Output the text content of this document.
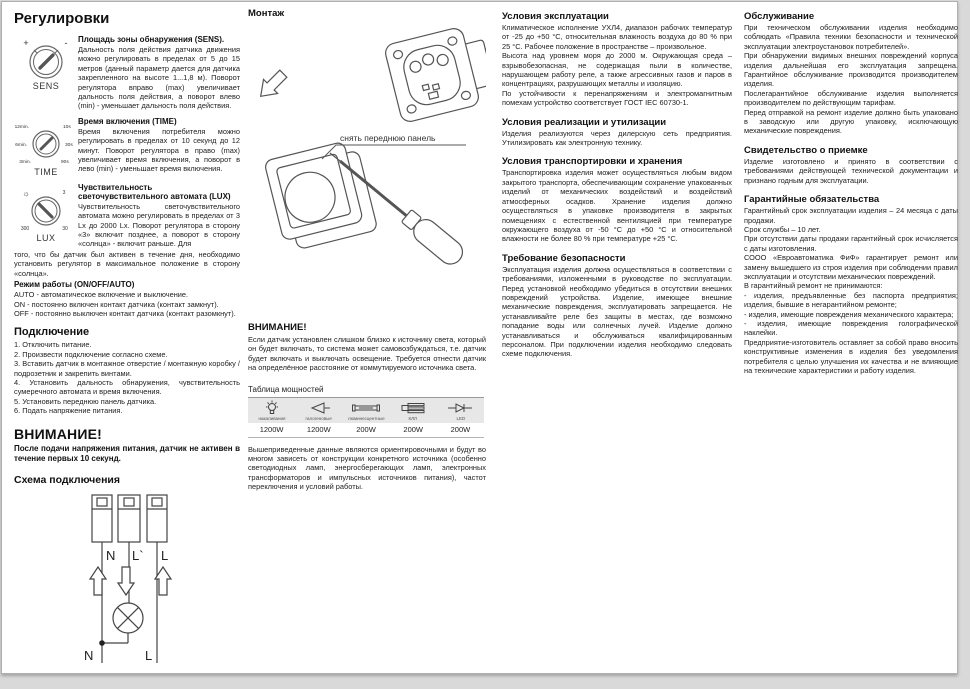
Регулировки
+	-
SENS
Площадь зоны обнаружения (SENS).
Дальность поля действия датчика движения можно регулировать в пределах от 5 до 15 метров (данный параметр дается для датчика закрепленного на высоте 1...1,8 м). Поворот регулятора вправо (max) увеличивает дальность поля действия, а поворот влево (min) - уменьшает дальность поля действия.
12min.	10s
6min.	30s
3min.	90s
TIME
Время включения (TIME)
Время включения потребителя можно регулировать в пределах от 10 секунд до 12 минут. Поворот регулятора в право (max) увеличивает время включения, а поворот в лево (min) - уменьшает время включения.
☼	3
300	30
LUX
Чувствительность
светочувствительного автомата (LUX)
Чувствительность светочувствительного автомата можно регулировать в пределах от 3 Lx до 2000 Lx. Поворот регулятора в сторону «3» включит позднее, а поворот в сторону «солнца» - включит раньше. Для
того, что бы датчик был активен в течение дня, необходимо установить регулятор в максимальное положение в сторону «солнца».
Режим работы (ON/OFF/AUTO)
AUTO - автоматическое включение и выключение.
ON - постоянно включен контакт датчика (контакт замкнут).
OFF - постоянно выключен контакт датчика (контакт разомкнут).
Подключение
1. Отключить питание.
2. Произвести подключение согласно схеме.
3. Вставить датчик в монтажное отверстие / монтажную коробку / подрозетник и закрепить винтами.
4. Установить дальность обнаружения, чувствительность сумеречного автомата и время включения.
5. Установить переднюю панель датчика.
6. Подать напряжение питания.
ВНИМАНИЕ!
После подачи напряжения питания, датчик не активен в течение первых 10 секунд.
Схема подключения
N L` L
N	L
Монтаж
снять переднюю панель
ВНИМАНИЕ!
Если датчик установлен слишком близко к источнику света, который он будет включать, то система может самовозбуждаться, т.е. датчик будет включать и выключать освещение. Требуется отнести датчик на определённое расстояние от коммутируемого источника света.
Таблица мощностей
накаливания	галогеновые	люминесцентные	КЛЛ	LED
1200W	1200W	200W	200W	200W
Вышеприведенные данные являются ориентировочными и будут во многом зависеть от конструкции конкретного источника (особенно светодиодных ламп, энергосберегающих ламп, электронных трансформаторов и импульсных источников питания), частот переключения и условий работы.
Условия эксплуатации
Климатическое исполнение УХЛ4, диапазон рабочих температур от -25 до +50 °C, относительная влажность воздуха до 80 % при 25 °C. Рабочее положение в пространстве – произвольное.
Высота над уровнем моря до 2000 м. Окружающая среда – взрывобезопасная, не содержащая пыли в количестве, нарушающем работу реле, а также агрессивных газов и паров в концентрациях, разрушающих металлы и изоляцию.
По устойчивости к перенапряжениям и электромагнитным помехам устройство соответствует ГОСТ IEC 60730-1.
Условия реализации и утилизации
Изделия реализуются через дилерскую сеть предприятия. Утилизировать как электронную технику.
Условия транспортировки и хранения
Транспортировка изделия может осуществляться любым видом закрытого транспорта, обеспечивающим сохранение упакованных изделий от механических воздействий и воздействий атмосферных осадков. Хранение изделия должно осуществляться в упаковке производителя в закрытых помещениях с естественной вентиляцией при температуре окружающего воздуха от -50 °C до +50 °C и относительной влажности не более 80 % при температуре +25 °C.
Требование безопасности
Эксплуатация изделия должна осуществляться в соответствии с требованиями, изложенными в руководстве по эксплуатации. Перед установкой необходимо убедиться в отсутствии внешних повреждений устройства. Изделие, имеющее внешние механические повреждения, эксплуатировать запрещается. Не устанавливайте реле без защиты в местах, где возможно попадание воды или солнечных лучей. Изделие должно устанавливаться и обслуживаться квалифицированным персоналом. При подключении изделия необходимо следовать схеме подключения.
Обслуживание
При техническом обслуживании изделия необходимо соблюдать «Правила техники безопасности и технической эксплуатации электроустановок потребителей».
При обнаружении видимых внешних повреждений корпуса изделия дальнейшая его эксплуатация запрещена. Гарантийное обслуживание производится производителем изделия.
Послегарантийное обслуживание изделия выполняется производителем по действующим тарифам.
Перед отправкой на ремонт изделие должно быть упаковано в заводскую или другую упаковку, исключающую механические повреждения.
Свидетельство о приемке
Изделие изготовлено и принято в соответствии с требованиями действующей технической документации и признано годным для эксплуатации.
Гарантийные обязательства
Гарантийный срок эксплуатации изделия – 24 месяца с даты продажи.
Срок службы – 10 лет.
При отсутствии даты продажи гарантийный срок исчисляется с даты изготовления.
СООО «Евроавтоматика ФиФ» гарантирует ремонт или замену вышедшего из строя изделия при соблюдении правил эксплуатации и отсутствии механических повреждений.
В гарантийный ремонт не принимаются:
- изделия, предъявленные без паспорта предприятия; изделия, бывшие в негарантийном ремонте;
- изделия, имеющие повреждения механического характера;
- изделия, имеющие повреждения голографической наклейки.
Предприятие-изготовитель оставляет за собой право вносить конструктивные изменения в изделия без уведомления потребителя с целью улучшения их качества и не влияющие на технические характеристики и работу изделия.
